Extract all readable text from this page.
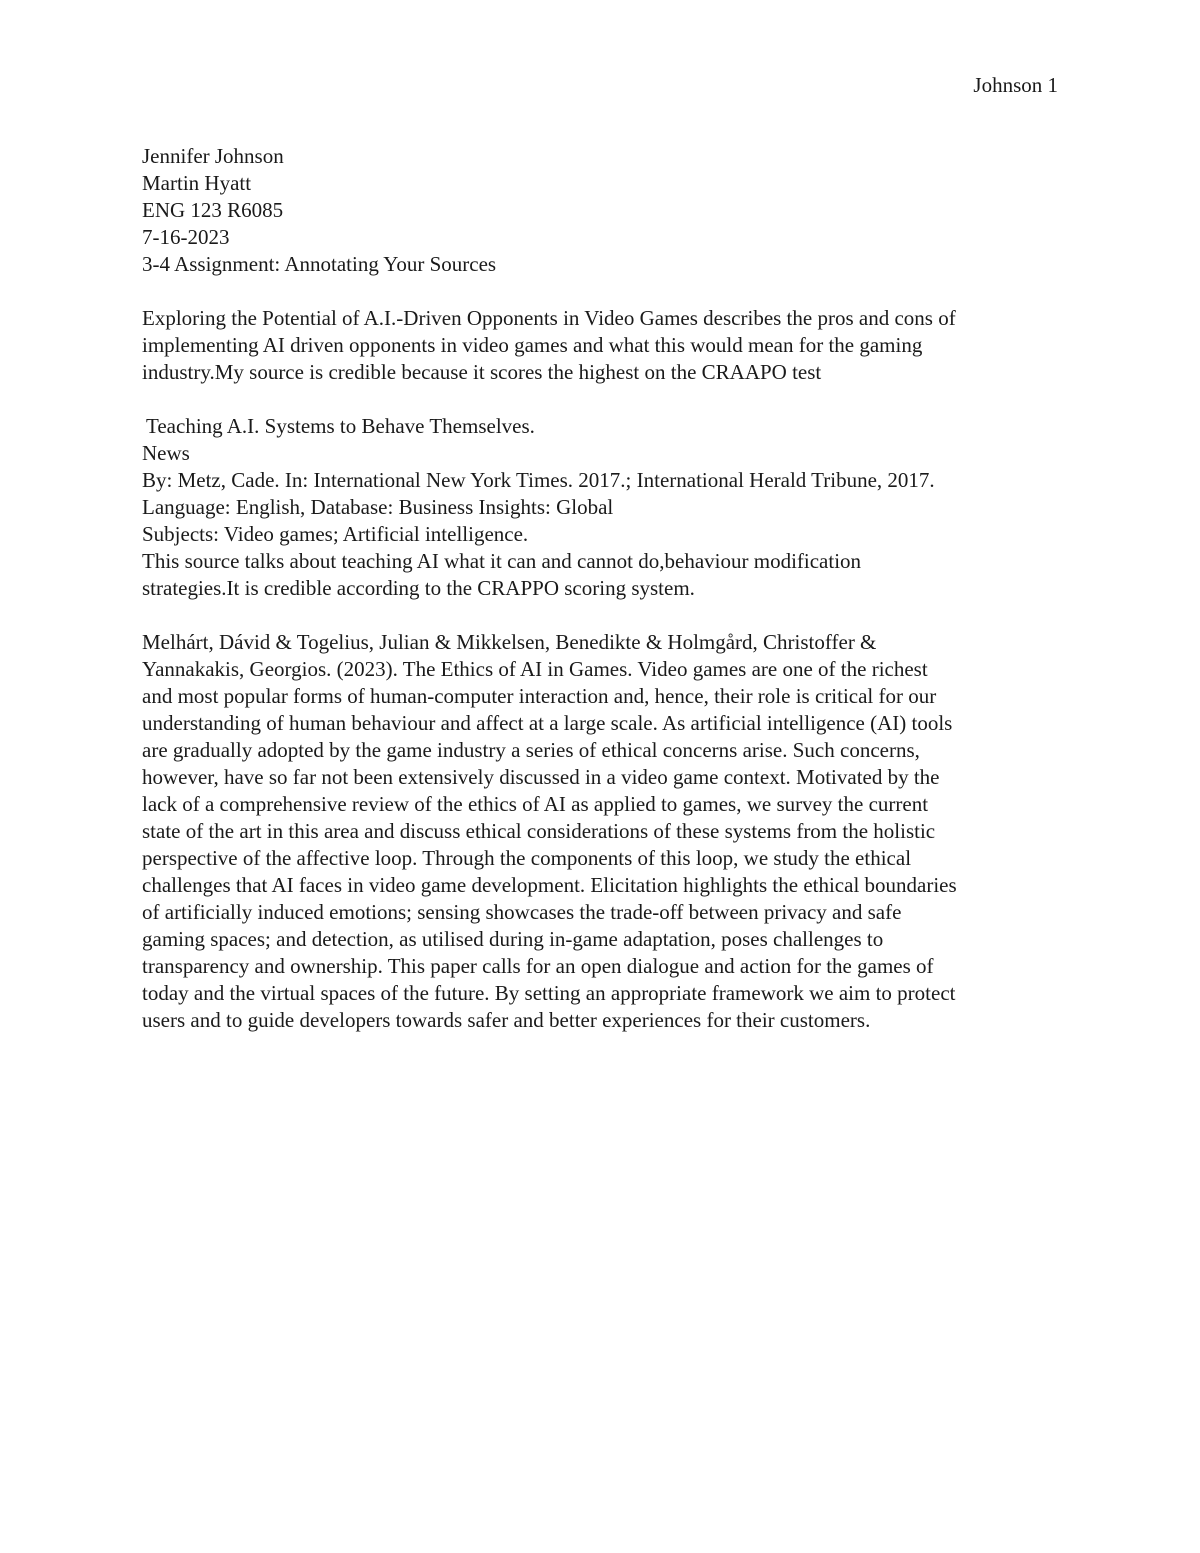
Johnson 1

Jennifer Johnson
Martin Hyatt
ENG 123 R6085
7-16-2023

3-4 Assignment: Annotating Your Sources

Exploring the Potential of A.I.-Driven Opponents in Video Games describes the pros and cons of
implementing AI driven opponents in video games and what this would mean for the gaming
industry.My source is credible because it scores the highest on the CRAAPO test
Teaching A.I. Systems to Behave Themselves.
News
By: Metz, Cade. In: International New York Times. 2017.; International Herald Tribune, 2017.
Language: English, Database: Business Insights: Global
Subjects: Video games; Artificial intelligence.
This source talks about teaching AI what it can and cannot do,behaviour modification
strategies.It is credible according to the CRAPPO scoring system.
Melhárt, Dávid & Togelius, Julian & Mikkelsen, Benedikte & Holmgård, Christoffer &
Yannakakis, Georgios. (2023). The Ethics of AI in Games. Video games are one of the richest
and most popular forms of human-computer interaction and, hence, their role is critical for our
understanding of human behaviour and affect at a large scale. As artificial intelligence (AI) tools
are gradually adopted by the game industry a series of ethical concerns arise. Such concerns,
however, have so far not been extensively discussed in a video game context. Motivated by the
lack of a comprehensive review of the ethics of AI as applied to games, we survey the current
state of the art in this area and discuss ethical considerations of these systems from the holistic
perspective of the affective loop. Through the components of this loop, we study the ethical
challenges that AI faces in video game development. Elicitation highlights the ethical boundaries
of artificially induced emotions; sensing showcases the trade-off between privacy and safe
gaming spaces; and detection, as utilised during in-game adaptation, poses challenges to
transparency and ownership. This paper calls for an open dialogue and action for the games of
today and the virtual spaces of the future. By setting an appropriate framework we aim to protect
users and to guide developers towards safer and better experiences for their customers.
